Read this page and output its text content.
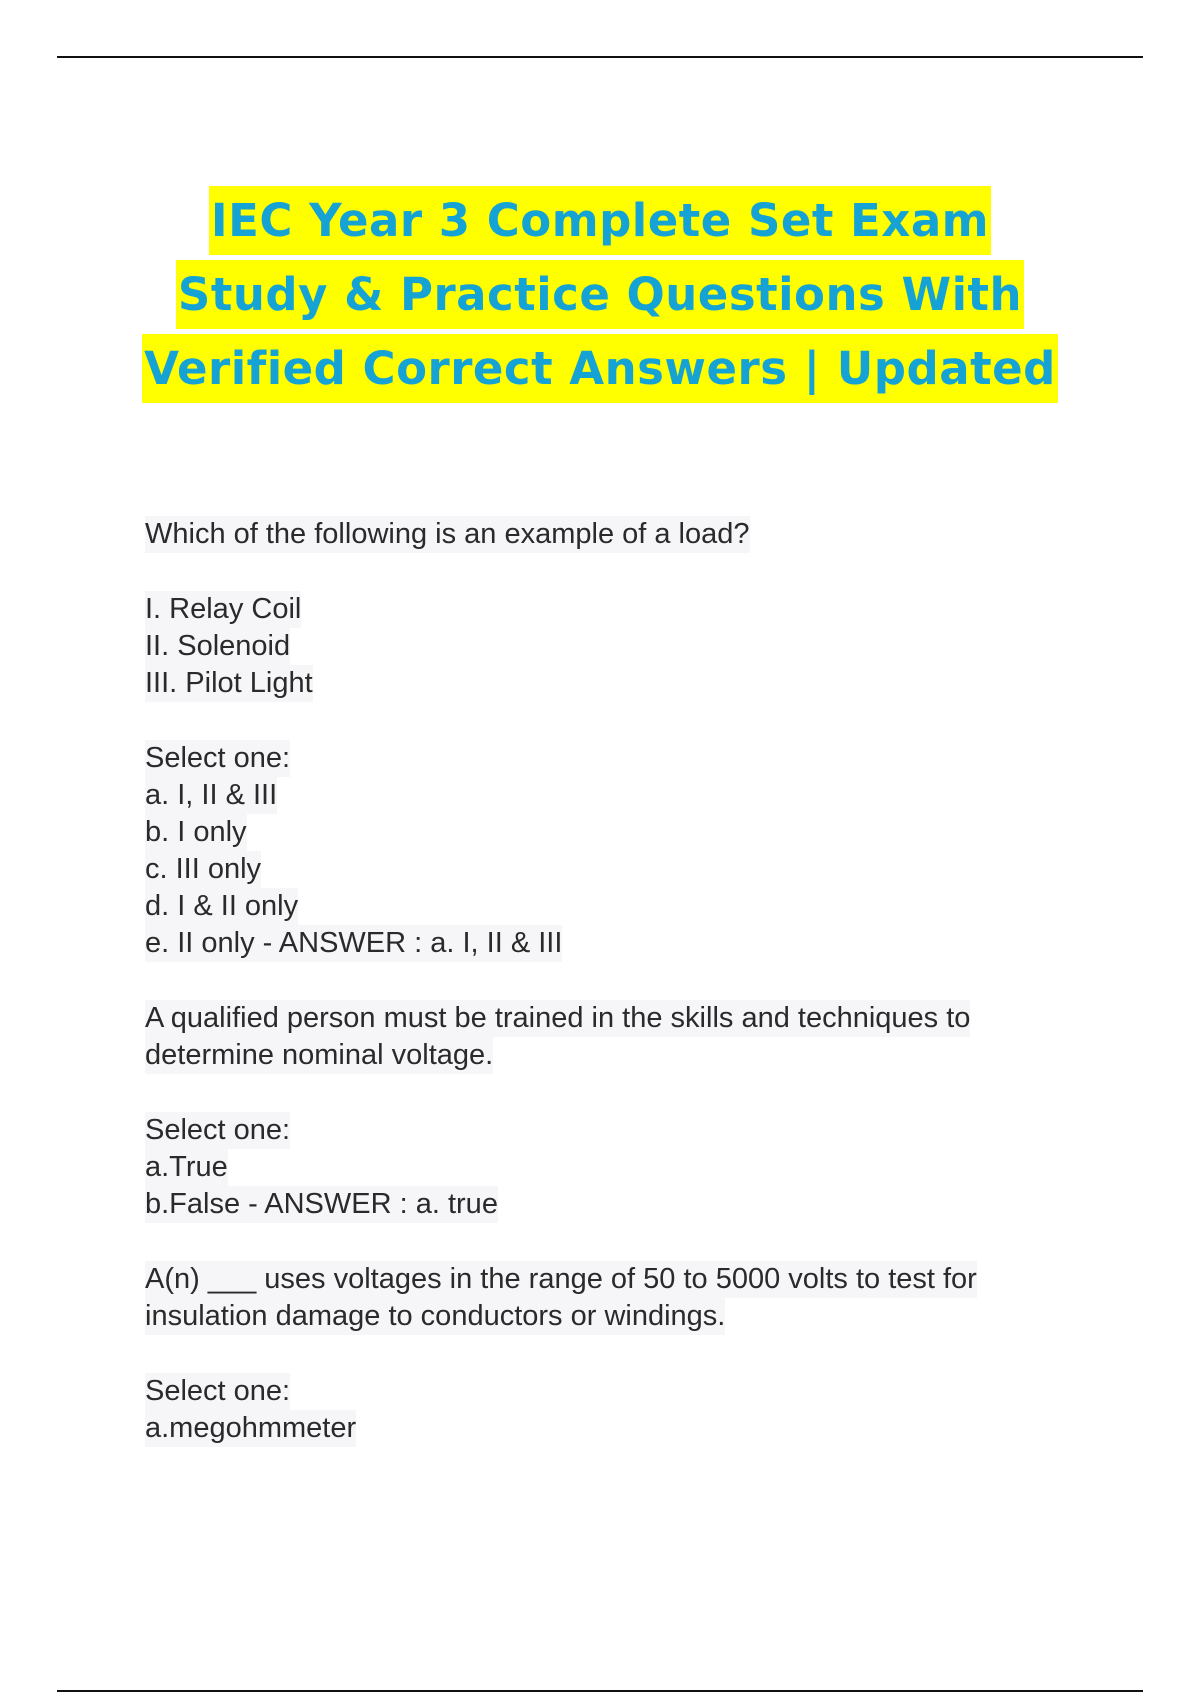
IEC Year 3 Complete Set Exam
Study & Practice Questions With
Verified Correct Answers | Updated
Which of the following is an example of a load?
I. Relay Coil
II. Solenoid
III. Pilot Light
Select one:
a. I, II & III
b. I only
c. III only
d. I & II only
e. II only - ANSWER : a. I, II & III
A qualified person must be trained in the skills and techniques to
determine nominal voltage.
Select one:
a.True
b.False - ANSWER : a. true
A(n) ___ uses voltages in the range of 50 to 5000 volts to test for
insulation damage to conductors or windings.
Select one:
a.megohmmeter
